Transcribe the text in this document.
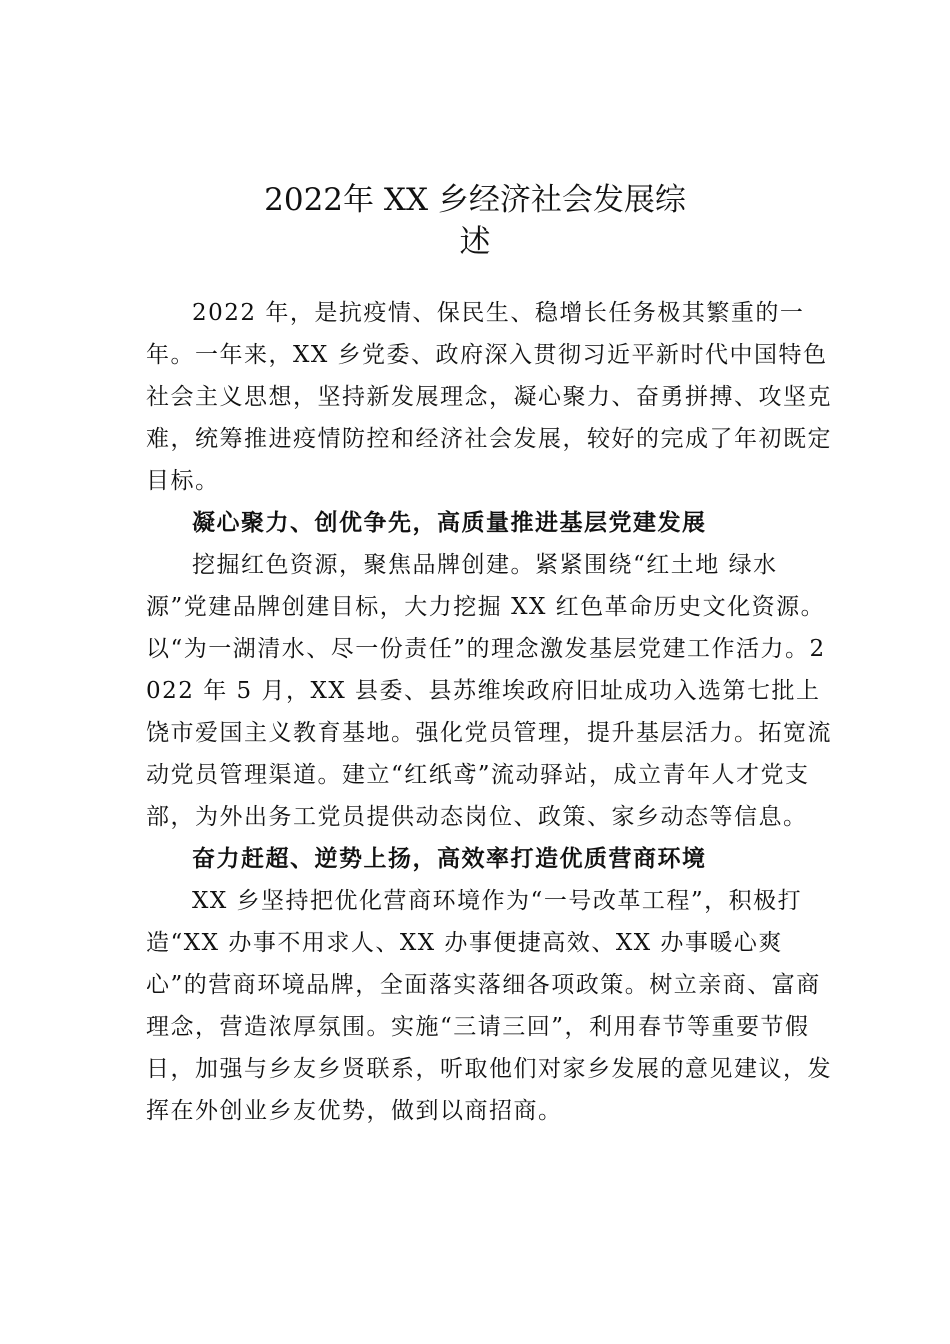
2022年 XX 乡经济社会发展综
述

2022 年，是抗疫情、保民生、稳增长任务极其繁重的一年。一年来，XX 乡党委、政府深入贯彻习近平新时代中国特色社会主义思想，坚持新发展理念，凝心聚力、奋勇拼搏、攻坚克难，统筹推进疫情防控和经济社会发展，较好的完成了年初既定目标。

凝心聚力、创优争先，高质量推进基层党建发展

挖掘红色资源，聚焦品牌创建。紧紧围绕“红土地 绿水源”党建品牌创建目标，大力挖掘 XX 红色革命历史文化资源。以“为一湖清水、尽一份责任”的理念激发基层党建工作活力。2022 年 5 月，XX 县委、县苏维埃政府旧址成功入选第七批上饶市爱国主义教育基地。强化党员管理，提升基层活力。拓宽流动党员管理渠道。建立“红纸鸢”流动驿站，成立青年人才党支部，为外出务工党员提供动态岗位、政策、家乡动态等信息。

奋力赶超、逆势上扬，高效率打造优质营商环境

XX 乡坚持把优化营商环境作为“一号改革工程”，积极打造“XX 办事不用求人、XX 办事便捷高效、XX 办事暖心爽心”的营商环境品牌，全面落实落细各项政策。树立亲商、富商理念，营造浓厚氛围。实施“三请三回”，利用春节等重要节假日，加强与乡友乡贤联系，听取他们对家乡发展的意见建议，发挥在外创业乡友优势，做到以商招商。
